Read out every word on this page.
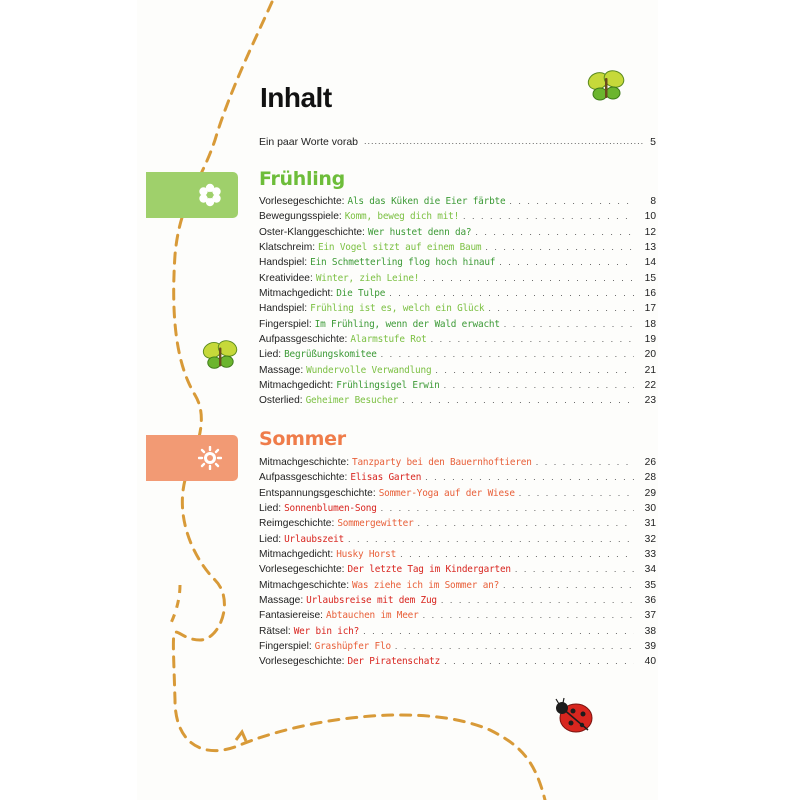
Inhalt
Ein paar Worte vorab .....	5
Frühling
Vorlesegeschichte: Als das Küken die Eier färbte . . .	8
Bewegungsspiele: Komm, beweg dich mit! . . .	10
Oster-Klanggeschichte: Wer hustet denn da? . . .	12
Klatschreim: Ein Vogel sitzt auf einem Baum . . .	13
Handspiel: Ein Schmetterling flog hoch hinauf . . .	14
Kreatividee: Winter, zieh Leine! . . .	15
Mitmachgedicht: Die Tulpe . . .	16
Handspiel: Frühling ist es, welch ein Glück . . .	17
Fingerspiel: Im Frühling, wenn der Wald erwacht . . .	18
Aufpassgeschichte: Alarmstufe Rot . . .	19
Lied: Begrüßungskomitee . . .	20
Massage: Wundervolle Verwandlung . . .	21
Mitmachgedicht: Frühlingsigel Erwin . . .	22
Osterlied: Geheimer Besucher . . .	23
Sommer
Mitmachgeschichte: Tanzparty bei den Bauernhoftieren . . .	26
Aufpassgeschichte: Elisas Garten . . .	28
Entspannungsgeschichte: Sommer-Yoga auf der Wiese . . .	29
Lied: Sonnenblumen-Song . . .	30
Reimgeschichte: Sommergewitter . . .	31
Lied: Urlaubszeit . . .	32
Mitmachgedicht: Husky Horst . . .	33
Vorlesegeschichte: Der letzte Tag im Kindergarten . . .	34
Mitmachgeschichte: Was ziehe ich im Sommer an? . . .	35
Massage: Urlaubsreise mit dem Zug . . .	36
Fantasiereise: Abtauchen im Meer . . .	37
Rätsel: Wer bin ich? . . .	38
Fingerspiel: Grashüpfer Flo . . .	39
Vorlesegeschichte: Der Piratenschatz . . .	40
